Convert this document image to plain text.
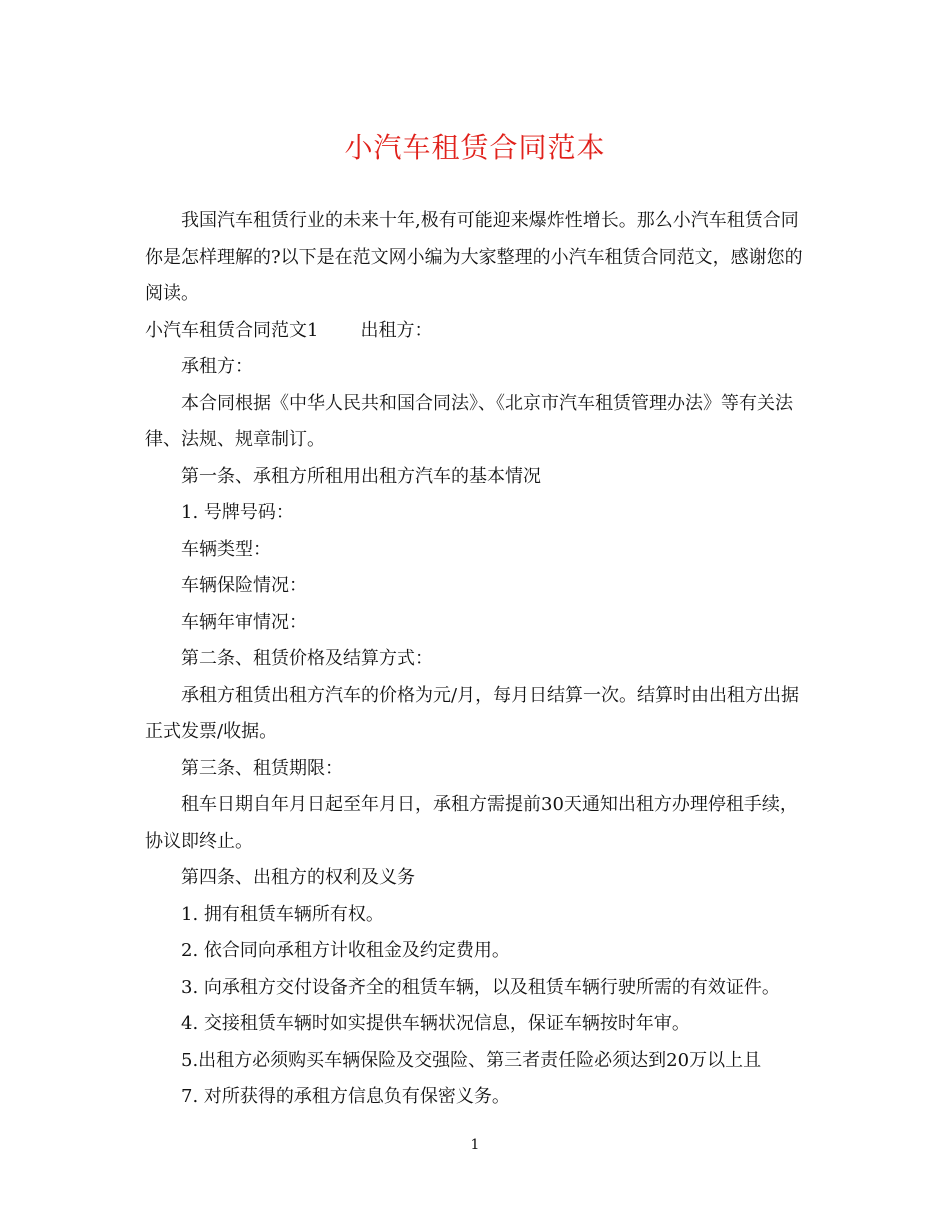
小汽车租赁合同范本

我国汽车租赁行业的未来十年,极有可能迎来爆炸性增长。那么小汽车租赁合同你是怎样理解的?以下是在范文网小编为大家整理的小汽车租赁合同范文，感谢您的阅读。

小汽车租赁合同范文1 出租方：

承租方：

本合同根据《中华人民共和国合同法》、《北京市汽车租赁管理办法》等有关法律、法规、规章制订。

第一条、承租方所租用出租方汽车的基本情况

1. 号牌号码：

车辆类型：

车辆保险情况：

车辆年审情况：

第二条、租赁价格及结算方式：

承租方租赁出租方汽车的价格为元/月，每月日结算一次。结算时由出租方出据正式发票/收据。

第三条、租赁期限：

租车日期自年月日起至年月日，承租方需提前30天通知出租方办理停租手续，协议即终止。

第四条、出租方的权利及义务

1. 拥有租赁车辆所有权。

2. 依合同向承租方计收租金及约定费用。

3. 向承租方交付设备齐全的租赁车辆，以及租赁车辆行驶所需的有效证件。

4. 交接租赁车辆时如实提供车辆状况信息，保证车辆按时年审。

5.出租方必须购买车辆保险及交强险、第三者责任险必须达到20万以上且

7. 对所获得的承租方信息负有保密义务。

1
